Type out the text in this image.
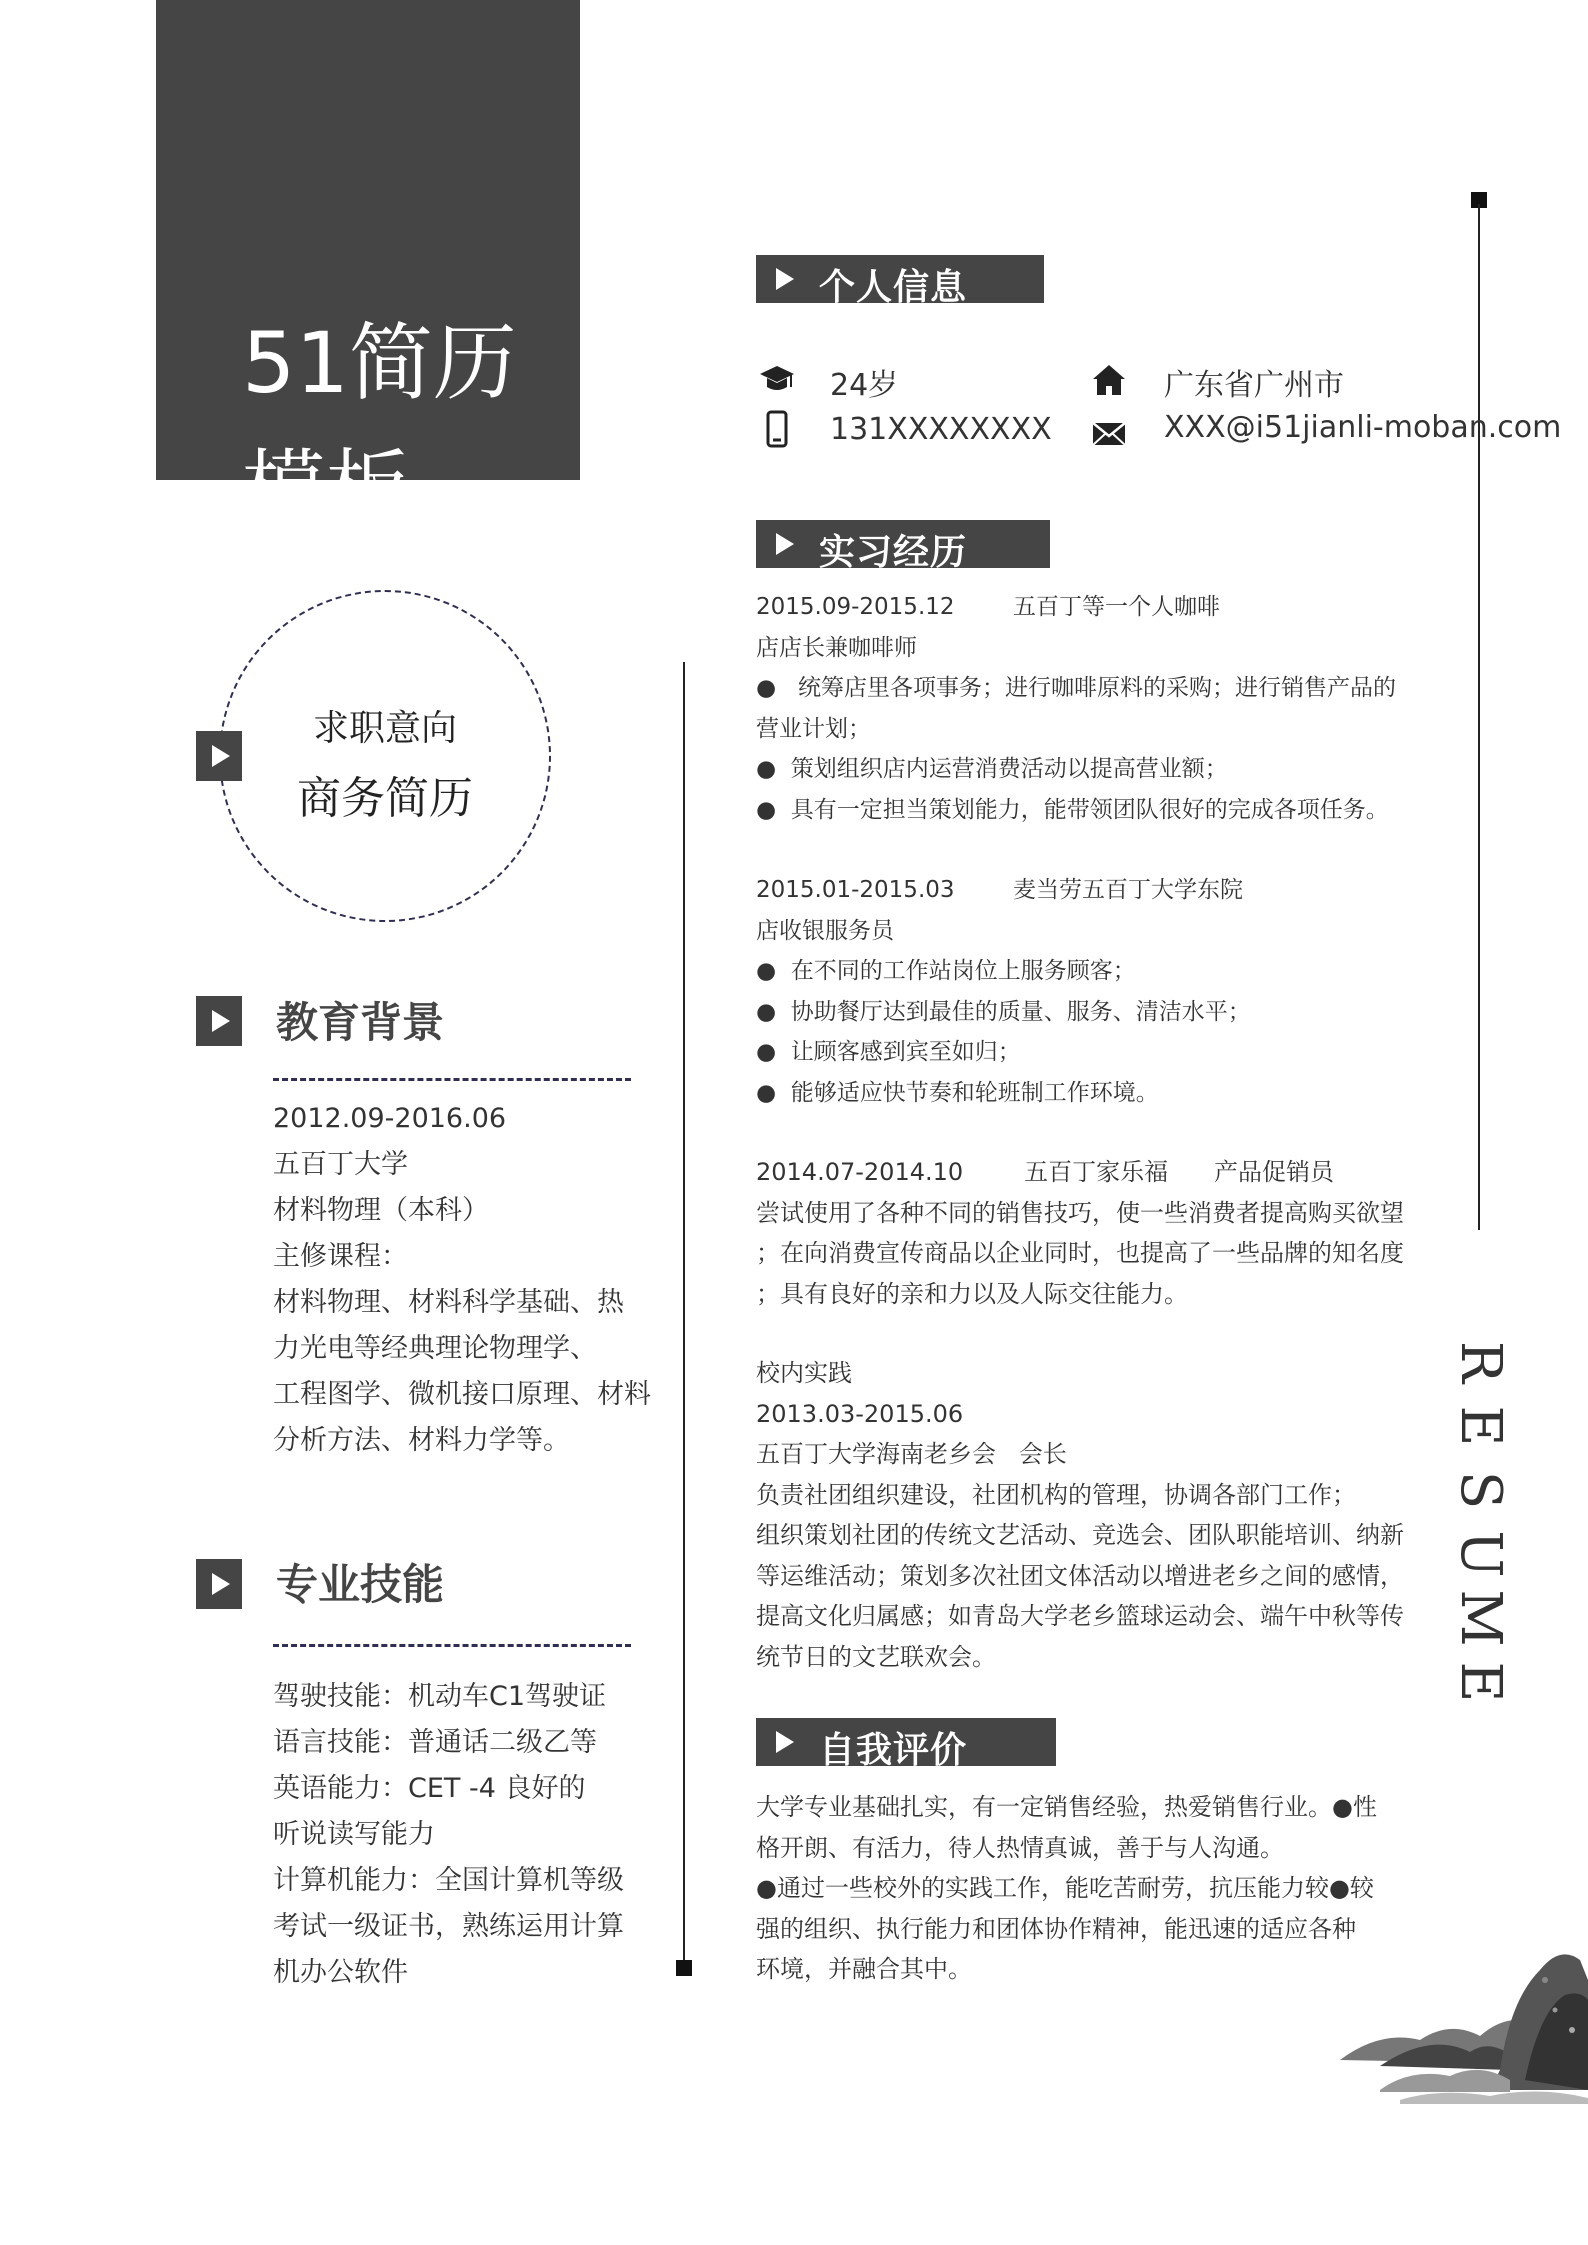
51简历模板
求职意向
商务简历
教育背景
2012.09-2016.06
五百丁大学
材料物理（本科）
主修课程：
材料物理、材料科学基础、热
力光电等经典理论物理学、
工程图学、微机接口原理、材料
分析方法、材料力学等。
专业技能
驾驶技能：机动车C1驾驶证
语言技能：普通话二级乙等
英语能力：CET -4 良好的
听说读写能力
计算机能力：全国计算机等级
考试一级证书，熟练运用计算
机办公软件
个人信息
24岁	广东省广州市
131XXXXXXXX	XXX@i51jianli-moban.com
实习经历

2015.09-2015.12        五百丁等一个人咖啡

店店长兼咖啡师

●   统筹店里各项事务；进行咖啡原料的采购；进行销售产品的

营业计划；

●  策划组织店内运营消费活动以提高营业额；

●  具有一定担当策划能力，能带领团队很好的完成各项任务。

2015.01-2015.03        麦当劳五百丁大学东院

店收银服务员

●  在不同的工作站岗位上服务顾客；

●  协助餐厅达到最佳的质量、服务、清洁水平；

●  让顾客感到宾至如归；

●  能够适应快节奏和轮班制工作环境。

2014.07-2014.10        五百丁家乐福      产品促销员

尝试使用了各种不同的销售技巧，使一些消费者提高购买欲望

；在向消费宣传商品以企业同时，也提高了一些品牌的知名度

；具有良好的亲和力以及人际交往能力。

校内实践

2013.03-2015.06

五百丁大学海南老乡会   会长

负责社团组织建设，社团机构的管理，协调各部门工作；

组织策划社团的传统文艺活动、竞选会、团队职能培训、纳新

等运维活动；策划多次社团文体活动以增进老乡之间的感情，

提高文化归属感；如青岛大学老乡篮球运动会、端午中秋等传

统节日的文艺联欢会。

自我评价

大学专业基础扎实，有一定销售经验，热爱销售行业。●性

格开朗、有活力，待人热情真诚，善于与人沟通。

●通过一些校外的实践工作，能吃苦耐劳，抗压能力较●较

强的组织、执行能力和团体协作精神，能迅速的适应各种

环境，并融合其中。

R
E
S
U
M
E
